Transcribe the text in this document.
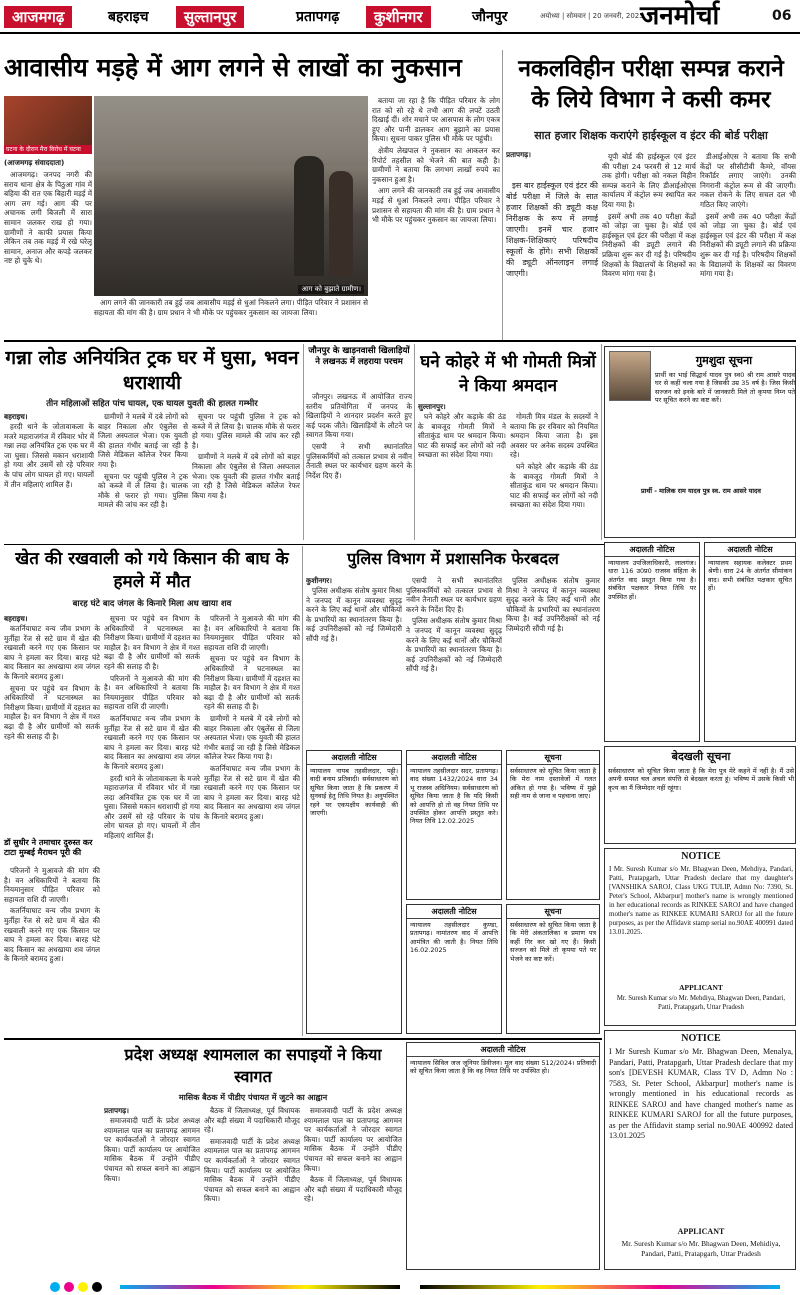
आजमगढ़	बहराइच	सुल्तानपुर	प्रतापगढ़	कुशीनगर	जौनपुर	अयोध्या | सोमवार | 20 जनवरी, 2025
जनमोर्चा	06
आवासीय मड़हे में आग लगने से लाखों का नुकसान
आग को बुझाते ग्रामीण।
घटना के दौरान मैरा विरोध में घटना
(आजमगढ़ संवाददाता)

आजमगढ़। जनपद नगरी की सराय थाना क्षेत्र के पिठुआ गांव में बहिया की रात एक बिहारी मड़ई में आग लग गई। आग की पर अचानक लगी बिजली में सारा सामान जलकर राख हो गया। ग्रामीणों ने काफी प्रयास किया लेकिन तब तक मड़ई में रखे घरेलू सामान, अनाज और कपड़े जलकर नष्ट हो चुके थे।

आग लगने की जानकारी तब हुई जब आवासीय मड़ई से धुआं निकलने लगा। पीड़ित परिवार ने प्रशासन से सहायता की मांग की है। ग्राम प्रधान ने भी मौके पर पहुंचकर नुकसान का जायजा लिया।

बताया जा रहा है कि पीड़ित परिवार के लोग रात को सो रहे थे तभी आग की लपटें उठती दिखाई दीं। शोर मचाने पर आसपास के लोग एकत्र हुए और पानी डालकर आग बुझाने का प्रयास किया। सूचना पाकर पुलिस भी मौके पर पहुंची।

क्षेत्रीय लेखपाल ने नुकसान का आकलन कर रिपोर्ट तहसील को भेजने की बात कही है। ग्रामीणों ने बताया कि लगभग लाखों रुपये का नुकसान हुआ है।

आग लगने की जानकारी तब हुई जब आवासीय मड़ई से धुआं निकलने लगा। पीड़ित परिवार ने प्रशासन से सहायता की मांग की है। ग्राम प्रधान ने भी मौके पर पहुंचकर नुकसान का जायजा लिया।

नकलविहीन परीक्षा सम्पन्न कराने के लिये विभाग ने कसी कमर
सात हजार शिक्षक कराएंगे हाईस्कूल व इंटर की बोर्ड परीक्षा
प्रतापगढ़।

इस बार हाईस्कूल एवं इंटर की बोर्ड परीक्षा में जिले के सात हजार शिक्षकों की ड्यूटी कक्ष निरीक्षक के रूप में लगाई जाएगी। इनमें चार हजार शिक्षक-शिक्षिकाएं परिषदीय स्कूलों के होंगे। सभी शिक्षकों की ड्यूटी ऑनलाइन लगाई जाएगी।

यूपी बोर्ड की हाईस्कूल एवं इंटर की परीक्षा 24 फरवरी से 12 मार्च तक होगी। परीक्षा को नकल विहीन सम्पन्न कराने के लिए डीआईओएस कार्यालय में कंट्रोल रूम स्थापित कर दिया गया है।

इसमें अभी तक 40 परीक्षा केंद्रों को जोड़ा जा चुका है। बोर्ड एवं हाईस्कूल एवं इंटर की परीक्षा में कक्ष निरीक्षकों की ड्यूटी लगाने की प्रक्रिया शुरू कर दी गई है। परिषदीय शिक्षकों के विद्यालयों के शिक्षकों का विवरण मांगा गया है।

डीआईओएस ने बताया कि सभी केंद्रों पर सीसीटीवी कैमरे, वॉयस रिकॉर्डर लगाए जाएंगे। उनकी निगरानी कंट्रोल रूम से की जाएगी। नकल रोकने के लिए सचल दल भी गठित किए जाएंगे।

इसमें अभी तक 40 परीक्षा केंद्रों को जोड़ा जा चुका है। बोर्ड एवं हाईस्कूल एवं इंटर की परीक्षा में कक्ष निरीक्षकों की ड्यूटी लगाने की प्रक्रिया शुरू कर दी गई है। परिषदीय शिक्षकों के विद्यालयों के शिक्षकों का विवरण मांगा गया है।

गन्ना लोड अनियंत्रित ट्रक घर में घुसा, भवन धराशायी
तीन महिलाओं सहित पांच घायल, एक घायल युवती की हालत गम्भीर
बहराइच।

हरदी थाने के जोतावाकला के मजरे महाराजगंज में रविवार भोर में गन्ना लदा अनियंत्रित ट्रक एक घर में जा घुसा। जिससे मकान धराशायी हो गया और उसमें सो रहे परिवार के पांच लोग घायल हो गए। घायलों में तीन महिलाएं शामिल हैं।

ग्रामीणों ने मलबे में दबे लोगों को बाहर निकाला और एंबुलेंस से जिला अस्पताल भेजा। एक युवती की हालत गंभीर बताई जा रही है जिसे मेडिकल कॉलेज रेफर किया गया है।

सूचना पर पहुंची पुलिस ने ट्रक को कब्जे में ले लिया है। चालक मौके से फरार हो गया। पुलिस मामले की जांच कर रही है।

सूचना पर पहुंची पुलिस ने ट्रक को कब्जे में ले लिया है। चालक मौके से फरार हो गया। पुलिस मामले की जांच कर रही है।

ग्रामीणों ने मलबे में दबे लोगों को बाहर निकाला और एंबुलेंस से जिला अस्पताल भेजा। एक युवती की हालत गंभीर बताई जा रही है जिसे मेडिकल कॉलेज रेफर किया गया है।

जौनपुर के खाड़नवासी खिलाड़ियों ने लखनऊ में लहराया परचम

जौनपुर। लखनऊ में आयोजित राज्य स्तरीय प्रतियोगिता में जनपद के खिलाड़ियों ने शानदार प्रदर्शन करते हुए कई पदक जीते। खिलाड़ियों के लौटने पर स्वागत किया गया।

एसपी ने सभी स्थानांतरित पुलिसकर्मियों को तत्काल प्रभाव से नवीन तैनाती स्थल पर कार्यभार ग्रहण करने के निर्देश दिए हैं।

घने कोहरे में भी गोमती मित्रों ने किया श्रमदान
सुल्तानपुर।

घने कोहरे और कड़ाके की ठंड के बावजूद गोमती मित्रों ने सीताकुंड धाम पर श्रमदान किया। घाट की सफाई कर लोगों को नदी स्वच्छता का संदेश दिया गया।

गोमती मित्र मंडल के सदस्यों ने बताया कि हर रविवार को नियमित श्रमदान किया जाता है। इस अवसर पर अनेक सदस्य उपस्थित रहे।

घने कोहरे और कड़ाके की ठंड के बावजूद गोमती मित्रों ने सीताकुंड धाम पर श्रमदान किया। घाट की सफाई कर लोगों को नदी स्वच्छता का संदेश दिया गया।

गुमशुदा सूचना
प्रार्थी का भाई सिद्धार्थ यादव पुत्र स्व0 श्री राम आसरे यादव घर से कहीं चला गया है जिसकी उम्र 35 वर्ष है। जिस किसी सज्जन को इनके बारे में जानकारी मिले तो कृपया निम्न पते पर सूचित करने का कष्ट करें।
प्रार्थी - मालिक राम यादव पुत्र स्व. राम आसरे यादव
खेत की रखवाली को गये किसान की बाघ के हमले में मौत
बारह घंटे बाद जंगल के किनारे मिला अध खाया शव
बहराइच।

कतर्नियाघाट वन्य जीव प्रभाग के मुर्तीहा रेंज से सटे ग्राम में खेत की रखवाली करने गए एक किसान पर बाघ ने हमला कर दिया। बारह घंटे बाद किसान का अधखाया शव जंगल के किनारे बरामद हुआ।

सूचना पर पहुंचे वन विभाग के अधिकारियों ने घटनास्थल का निरीक्षण किया। ग्रामीणों में दहशत का माहौल है। वन विभाग ने क्षेत्र में गश्त बढ़ा दी है और ग्रामीणों को सतर्क रहने की सलाह दी है।

डॉ सुधीर ने तमाचार दुरुस्त कर टाटा मुम्बई मैराथन पूरी की

परिजनों ने मुआवजे की मांग की है। वन अधिकारियों ने बताया कि नियमानुसार पीड़ित परिवार को सहायता राशि दी जाएगी।

कतर्नियाघाट वन्य जीव प्रभाग के मुर्तीहा रेंज से सटे ग्राम में खेत की रखवाली करने गए एक किसान पर बाघ ने हमला कर दिया। बारह घंटे बाद किसान का अधखाया शव जंगल के किनारे बरामद हुआ।

सूचना पर पहुंचे वन विभाग के अधिकारियों ने घटनास्थल का निरीक्षण किया। ग्रामीणों में दहशत का माहौल है। वन विभाग ने क्षेत्र में गश्त बढ़ा दी है और ग्रामीणों को सतर्क रहने की सलाह दी है।

परिजनों ने मुआवजे की मांग की है। वन अधिकारियों ने बताया कि नियमानुसार पीड़ित परिवार को सहायता राशि दी जाएगी।

कतर्नियाघाट वन्य जीव प्रभाग के मुर्तीहा रेंज से सटे ग्राम में खेत की रखवाली करने गए एक किसान पर बाघ ने हमला कर दिया। बारह घंटे बाद किसान का अधखाया शव जंगल के किनारे बरामद हुआ।

हरदी थाने के जोतावाकला के मजरे महाराजगंज में रविवार भोर में गन्ना लदा अनियंत्रित ट्रक एक घर में जा घुसा। जिससे मकान धराशायी हो गया और उसमें सो रहे परिवार के पांच लोग घायल हो गए। घायलों में तीन महिलाएं शामिल हैं।

परिजनों ने मुआवजे की मांग की है। वन अधिकारियों ने बताया कि नियमानुसार पीड़ित परिवार को सहायता राशि दी जाएगी।

सूचना पर पहुंचे वन विभाग के अधिकारियों ने घटनास्थल का निरीक्षण किया। ग्रामीणों में दहशत का माहौल है। वन विभाग ने क्षेत्र में गश्त बढ़ा दी है और ग्रामीणों को सतर्क रहने की सलाह दी है।

ग्रामीणों ने मलबे में दबे लोगों को बाहर निकाला और एंबुलेंस से जिला अस्पताल भेजा। एक युवती की हालत गंभीर बताई जा रही है जिसे मेडिकल कॉलेज रेफर किया गया है।

कतर्नियाघाट वन्य जीव प्रभाग के मुर्तीहा रेंज से सटे ग्राम में खेत की रखवाली करने गए एक किसान पर बाघ ने हमला कर दिया। बारह घंटे बाद किसान का अधखाया शव जंगल के किनारे बरामद हुआ।

पुलिस विभाग में प्रशासनिक फेरबदल
कुशीनगर।

पुलिस अधीक्षक संतोष कुमार मिश्रा ने जनपद में कानून व्यवस्था सुदृढ़ करने के लिए कई थानों और चौकियों के प्रभारियों का स्थानांतरण किया है। कई उपनिरीक्षकों को नई जिम्मेदारी सौंपी गई है।

एसपी ने सभी स्थानांतरित पुलिसकर्मियों को तत्काल प्रभाव से नवीन तैनाती स्थल पर कार्यभार ग्रहण करने के निर्देश दिए हैं।

पुलिस अधीक्षक संतोष कुमार मिश्रा ने जनपद में कानून व्यवस्था सुदृढ़ करने के लिए कई थानों और चौकियों के प्रभारियों का स्थानांतरण किया है। कई उपनिरीक्षकों को नई जिम्मेदारी सौंपी गई है।

पुलिस अधीक्षक संतोष कुमार मिश्रा ने जनपद में कानून व्यवस्था सुदृढ़ करने के लिए कई थानों और चौकियों के प्रभारियों का स्थानांतरण किया है। कई उपनिरीक्षकों को नई जिम्मेदारी सौंपी गई है।

अदालती नोटिस
न्यायालय तहसीलदार सदर, प्रतापगढ़। वाद संख्या 1432/2024 धारा 34 भू राजस्व अधिनियम। सर्वसाधारण को सूचित किया जाता है कि यदि किसी को आपत्ति हो तो वह नियत तिथि पर उपस्थित होकर आपत्ति प्रस्तुत करे। नियत तिथि 12.02.2025
सूचना
सर्वसाधारण को सूचित किया जाता है कि मेरा नाम दस्तावेजों में गलत अंकित हो गया है। भविष्य में मुझे सही नाम से जाना व पहचाना जाए।
अदालती नोटिस
न्यायालय तहसीलदार कुण्डा, प्रतापगढ़। नामांतरण वाद में आपत्ति आमंत्रित की जाती है। नियत तिथि 16.02.2025
सूचना
सर्वसाधारण को सूचित किया जाता है कि मेरी अंकतालिका व प्रमाण पत्र कहीं गिर कर खो गए हैं। किसी सज्जन को मिले तो कृपया पते पर भेजने का कष्ट करें।
अदालती नोटिस
न्यायालय नायब तहसीलदार, पट्टी। वादी बनाम प्रतिवादी। सर्वसाधारण को सूचित किया जाता है कि प्रकरण में सुनवाई हेतु तिथि नियत है। अनुपस्थित रहने पर एकपक्षीय कार्यवाही की जाएगी।
अदालती नोटिस
न्यायालय उपजिलाधिकारी, लालगंज। धारा 116 उ0प्र0 राजस्व संहिता के अंतर्गत वाद प्रस्तुत किया गया है। संबंधित पक्षकार नियत तिथि पर उपस्थित हों।
अदालती नोटिस
न्यायालय सहायक कलेक्टर प्रथम श्रेणी। धारा 24 के अंतर्गत सीमांकन वाद। सभी संबंधित पक्षकार सूचित हों।
बेदखली सूचना
सर्वसाधारण को सूचित किया जाता है कि मेरा पुत्र मेरे कहने में नहीं है। मैं उसे अपनी समस्त चल अचल संपत्ति से बेदखल करता हूं। भविष्य में उसके किसी भी कृत्य का मैं जिम्मेदार नहीं रहूंगा।
NOTICE
I Mr. Suresh Kumar s/o Mr. Bhagwan Deen, Mehdiya, Pandari, Patti, Pratapgarh, Uttar Pradesh declare that my daughter's [VANSHIKA SAROJ, Class UKG TULIP, Admn No: 7390, St. Peter's School, Akbarpur] mother's name is wrongly mentioned in her educational records as RINKEE SAROJ and have changed mother's name as RINKEE KUMARI SAROJ for all the future purposes, as per the Affidavit stamp serial no.90AE 400991 dated 13.01.2025.
APPLICANT
Mr. Suresh Kumar s/o Mr. Mehdiya, Bhagwan Deen, Pandari, Patti, Pratapgarh, Uttar Pradesh
NOTICE
I Mr Suresh Kumar s/o Mr. Bhagwan Deen, Menalya, Pandari, Patti, Pratapgarh, Uttar Pradesh declare that my son's [DEVESH KUMAR, Class TV D, Admn No : 7583, St. Peter School, Akbarpur] mother's name is wrongly mentioned in his educational records as RINKEE SAROJ and have changed mother's name as RINKEE KUMARI SAROJ for all the future purposes, as per the Affidavit stamp serial no.90AE 400992 dated 13.01.2025
APPLICANT
Mr. Suresh Kumar s/o Mr. Bhagwan Deen, Mehidiya, Pandari, Patti, Pratapgarh, Uttar Pradesh
प्रदेश अध्यक्ष श्यामलाल का सपाइयों ने किया स्वागत
मासिक बैठक में पीडीए पंचायत में जुटने का आह्वान
प्रतापगढ़।

समाजवादी पार्टी के प्रदेश अध्यक्ष श्यामलाल पाल का प्रतापगढ़ आगमन पर कार्यकर्ताओं ने जोरदार स्वागत किया। पार्टी कार्यालय पर आयोजित मासिक बैठक में उन्होंने पीडीए पंचायत को सफल बनाने का आह्वान किया।

बैठक में जिलाध्यक्ष, पूर्व विधायक और बड़ी संख्या में पदाधिकारी मौजूद रहे।

समाजवादी पार्टी के प्रदेश अध्यक्ष श्यामलाल पाल का प्रतापगढ़ आगमन पर कार्यकर्ताओं ने जोरदार स्वागत किया। पार्टी कार्यालय पर आयोजित मासिक बैठक में उन्होंने पीडीए पंचायत को सफल बनाने का आह्वान किया।

समाजवादी पार्टी के प्रदेश अध्यक्ष श्यामलाल पाल का प्रतापगढ़ आगमन पर कार्यकर्ताओं ने जोरदार स्वागत किया। पार्टी कार्यालय पर आयोजित मासिक बैठक में उन्होंने पीडीए पंचायत को सफल बनाने का आह्वान किया।

बैठक में जिलाध्यक्ष, पूर्व विधायक और बड़ी संख्या में पदाधिकारी मौजूद रहे।

अदालती नोटिस
न्यायालय सिविल जज जूनियर डिवीजन। मूल वाद संख्या 512/2024। प्रतिवादी को सूचित किया जाता है कि वह नियत तिथि पर उपस्थित हो।
